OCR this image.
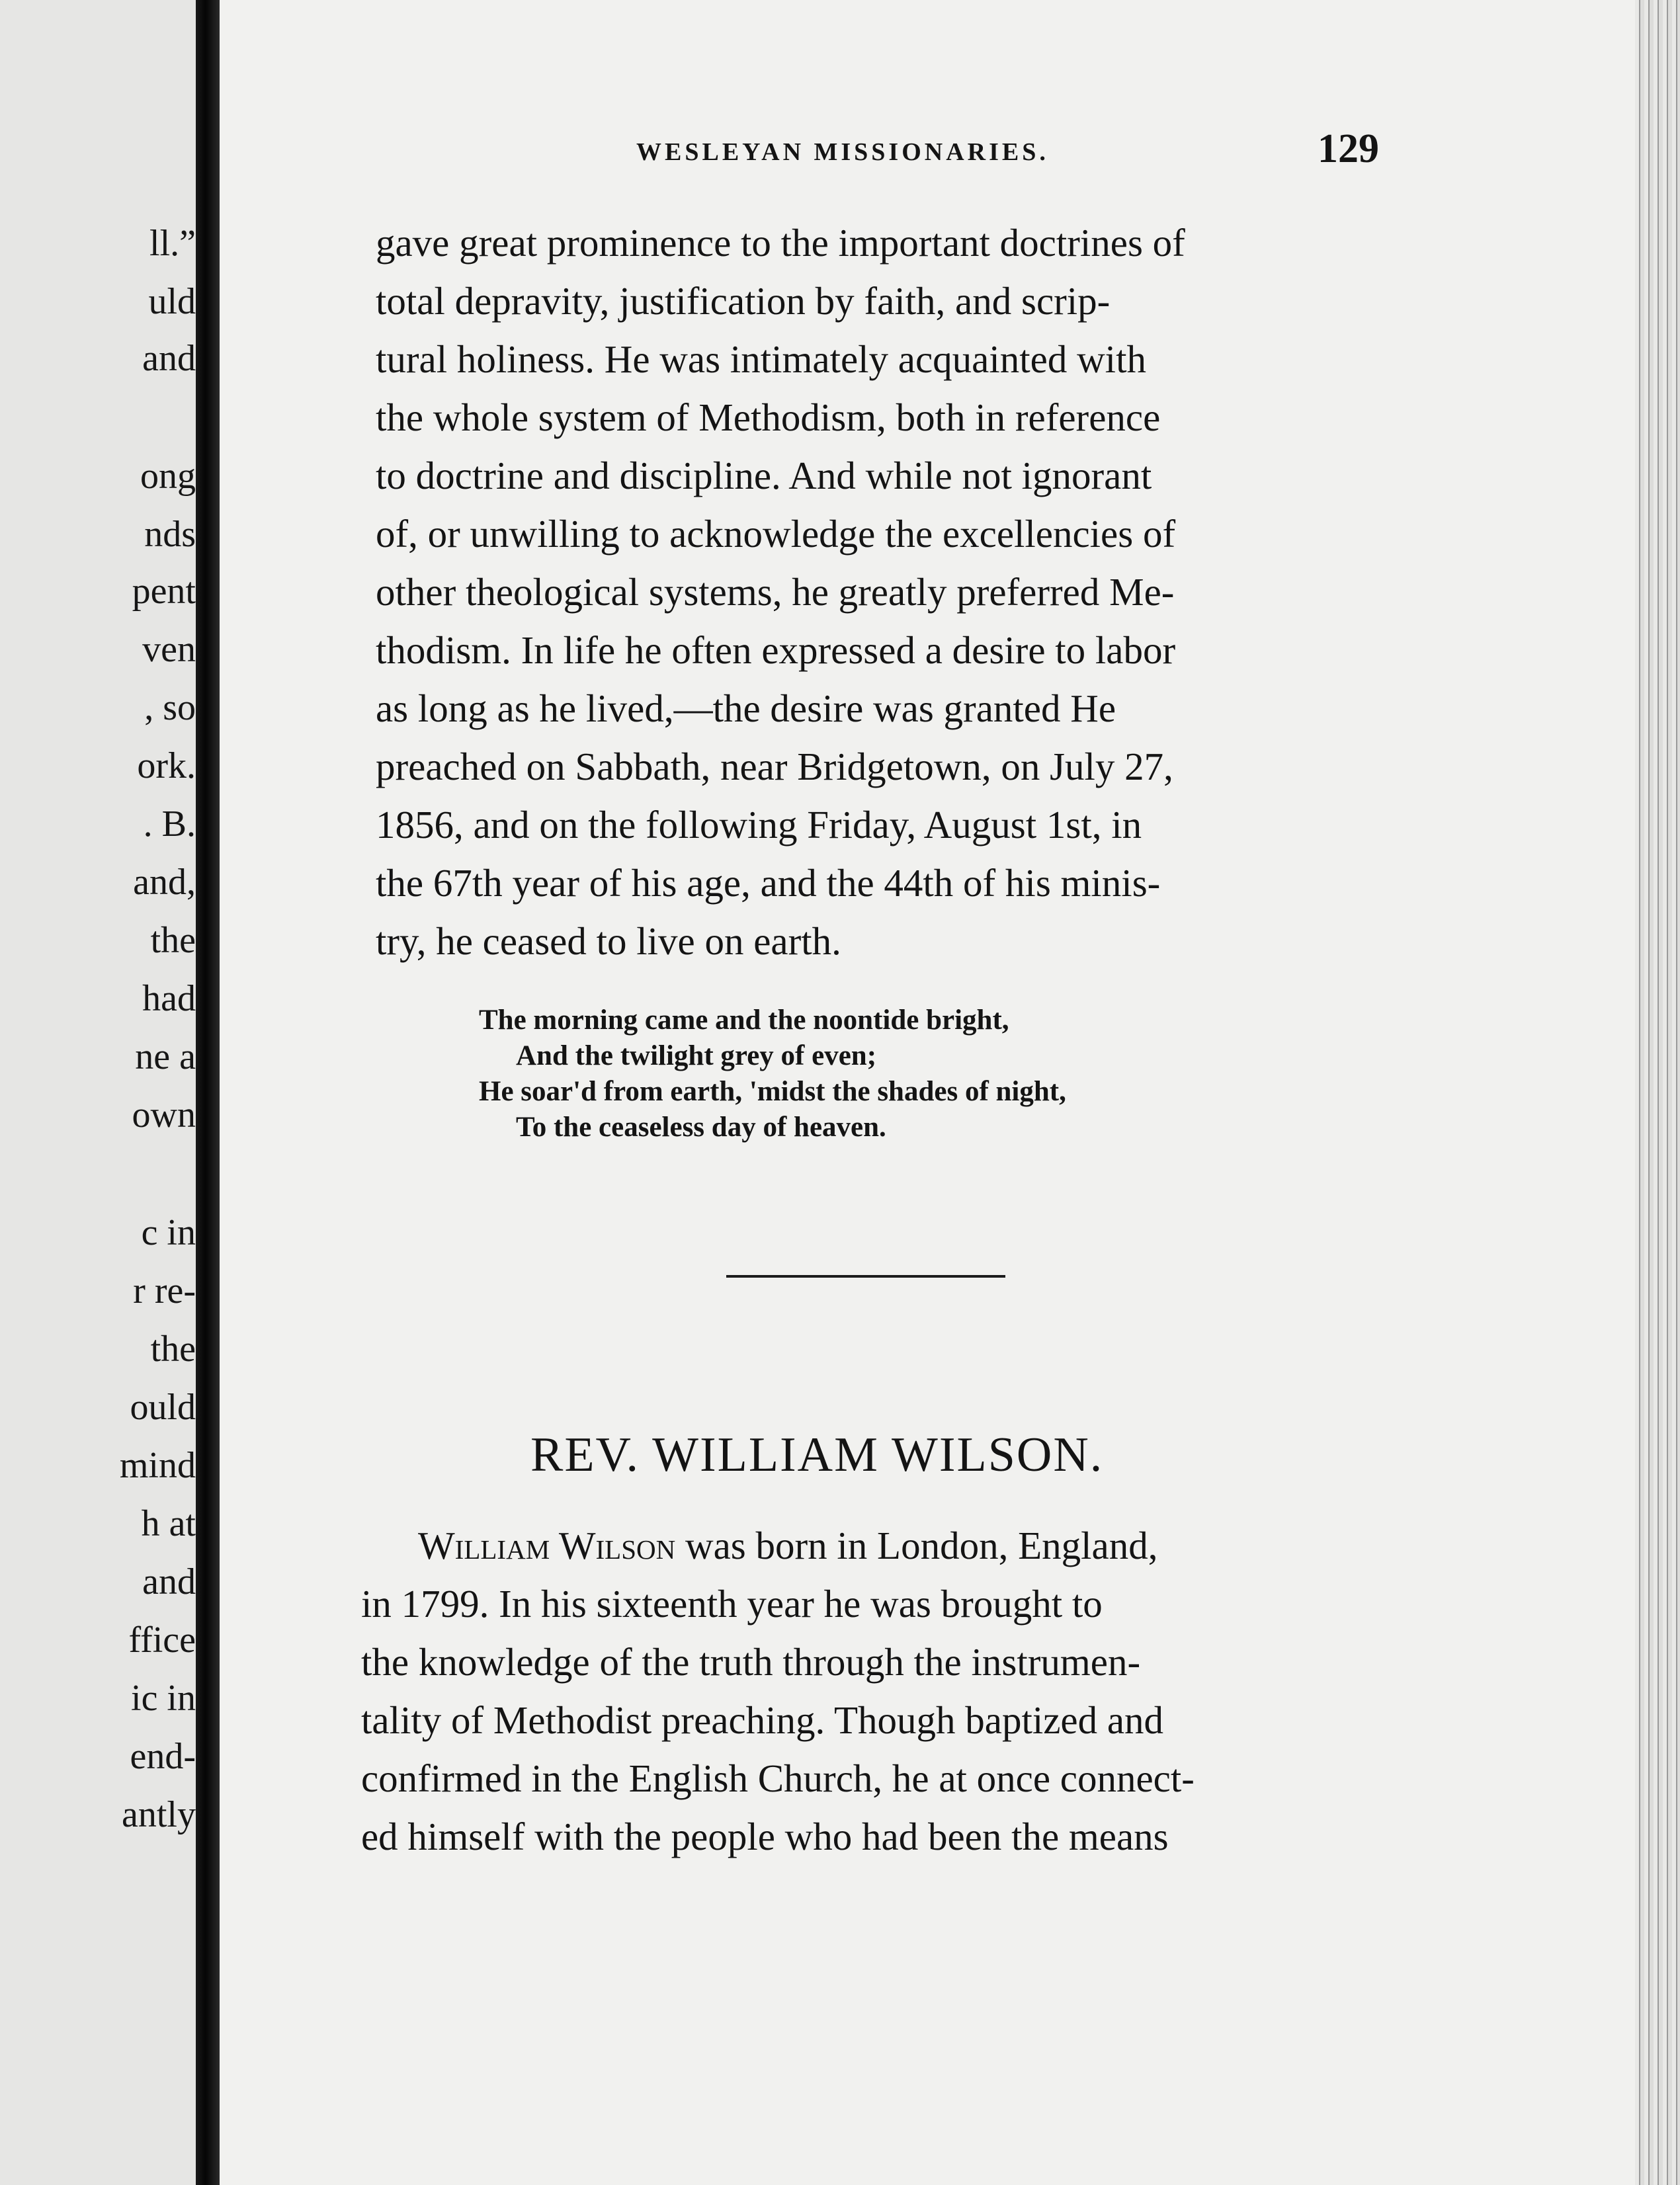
ll.”
uld
and
ong
nds
pent
ven
, so
ork.
. B.
and,
the
had
ne a
own
c in
r re-
the
ould
mind
h at
and
ffice
ic in
end-
antly
WESLEYAN MISSIONARIES.	129
gave great prominence to the important doctrines of
total depravity, justification by faith, and scrip-
tural holiness. He was intimately acquainted with
the whole system of Methodism, both in reference
to doctrine and discipline. And while not ignorant
of, or unwilling to acknowledge the excellencies of
other theological systems, he greatly preferred Me-
thodism. In life he often expressed a desire to labor
as long as he lived,—the desire was granted He
preached on Sabbath, near Bridgetown, on July 27,
1856, and on the following Friday, August 1st, in
the 67th year of his age, and the 44th of his minis-
try, he ceased to live on earth.
The morning came and the noontide bright,
And the twilight grey of even;
He soar'd from earth, 'midst the shades of night,
To the ceaseless day of heaven.
REV. WILLIAM WILSON.
William Wilson was born in London, England,
in 1799. In his sixteenth year he was brought to
the knowledge of the truth through the instrumen-
tality of Methodist preaching. Though baptized and
confirmed in the English Church, he at once connect-
ed himself with the people who had been the means
